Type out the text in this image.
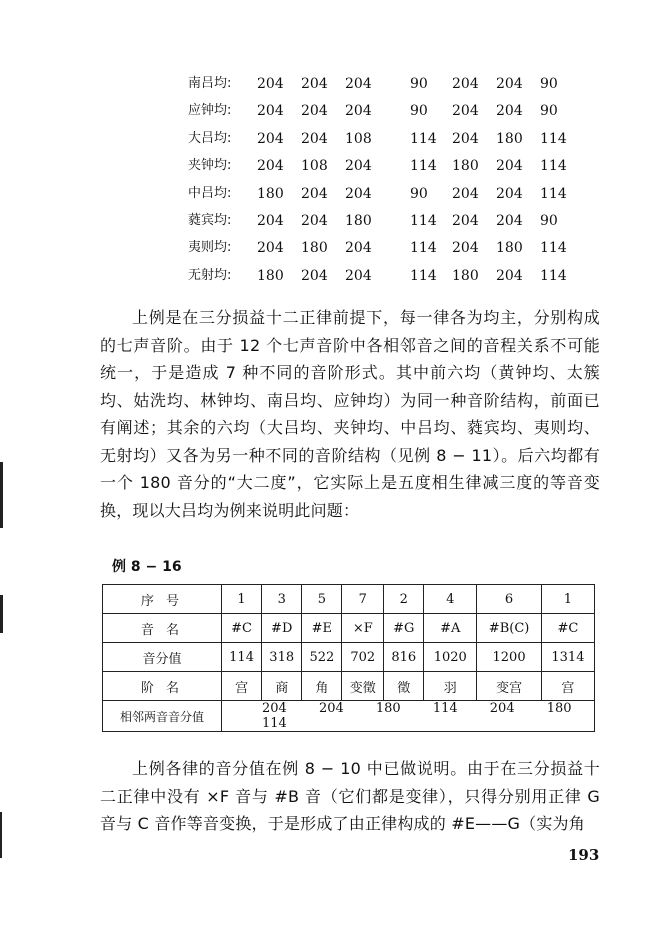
南吕均: 204 204 204	90 204 204 90
应钟均: 204 204 204	90 204 204 90
大吕均: 204 204 108	114 204 180 114
夹钟均: 204 108 204	114 180 204 114
中吕均: 180 204 204	90 204 204 114
蕤宾均: 204 204 180	114 204 204 90
夷则均: 204 180 204	114 204 180 114
无射均: 180 204 204	114 180 204 114

上例是在三分损益十二正律前提下，每一律各为均主，分别构成的七声音阶。由于 12 个七声音阶中各相邻音之间的音程关系不可能统一，于是造成 7 种不同的音阶形式。其中前六均（黄钟均、太簇均、姑洗均、林钟均、南吕均、应钟均）为同一种音阶结构，前面已有阐述；其余的六均（大吕均、夹钟均、中吕均、蕤宾均、夷则均、无射均）又各为另一种不同的音阶结构（见例 8 − 11）。后六均都有一个 180 音分的“大二度”，它实际上是五度相生律减三度的等音变换，现以大吕均为例来说明此问题：

例 8 − 16
序 号	1	3	5	7	2	4	6	1
音 名	#C	#D	#E	×F	#G	#A	#B(C)	#C
音分值	114	318	522	702	816	1020	1200	1314
阶 名	宫	商	角	变徵	徵	羽	变宫	宫
相邻两音音分值	204 204 180 114 204 180 114							

上例各律的音分值在例 8 − 10 中已做说明。由于在三分损益十二正律中没有 ×F 音与 #B 音（它们都是变律），只得分别用正律 G 音与 C 音作等音变换，于是形成了由正律构成的 #E——G（实为角

193
